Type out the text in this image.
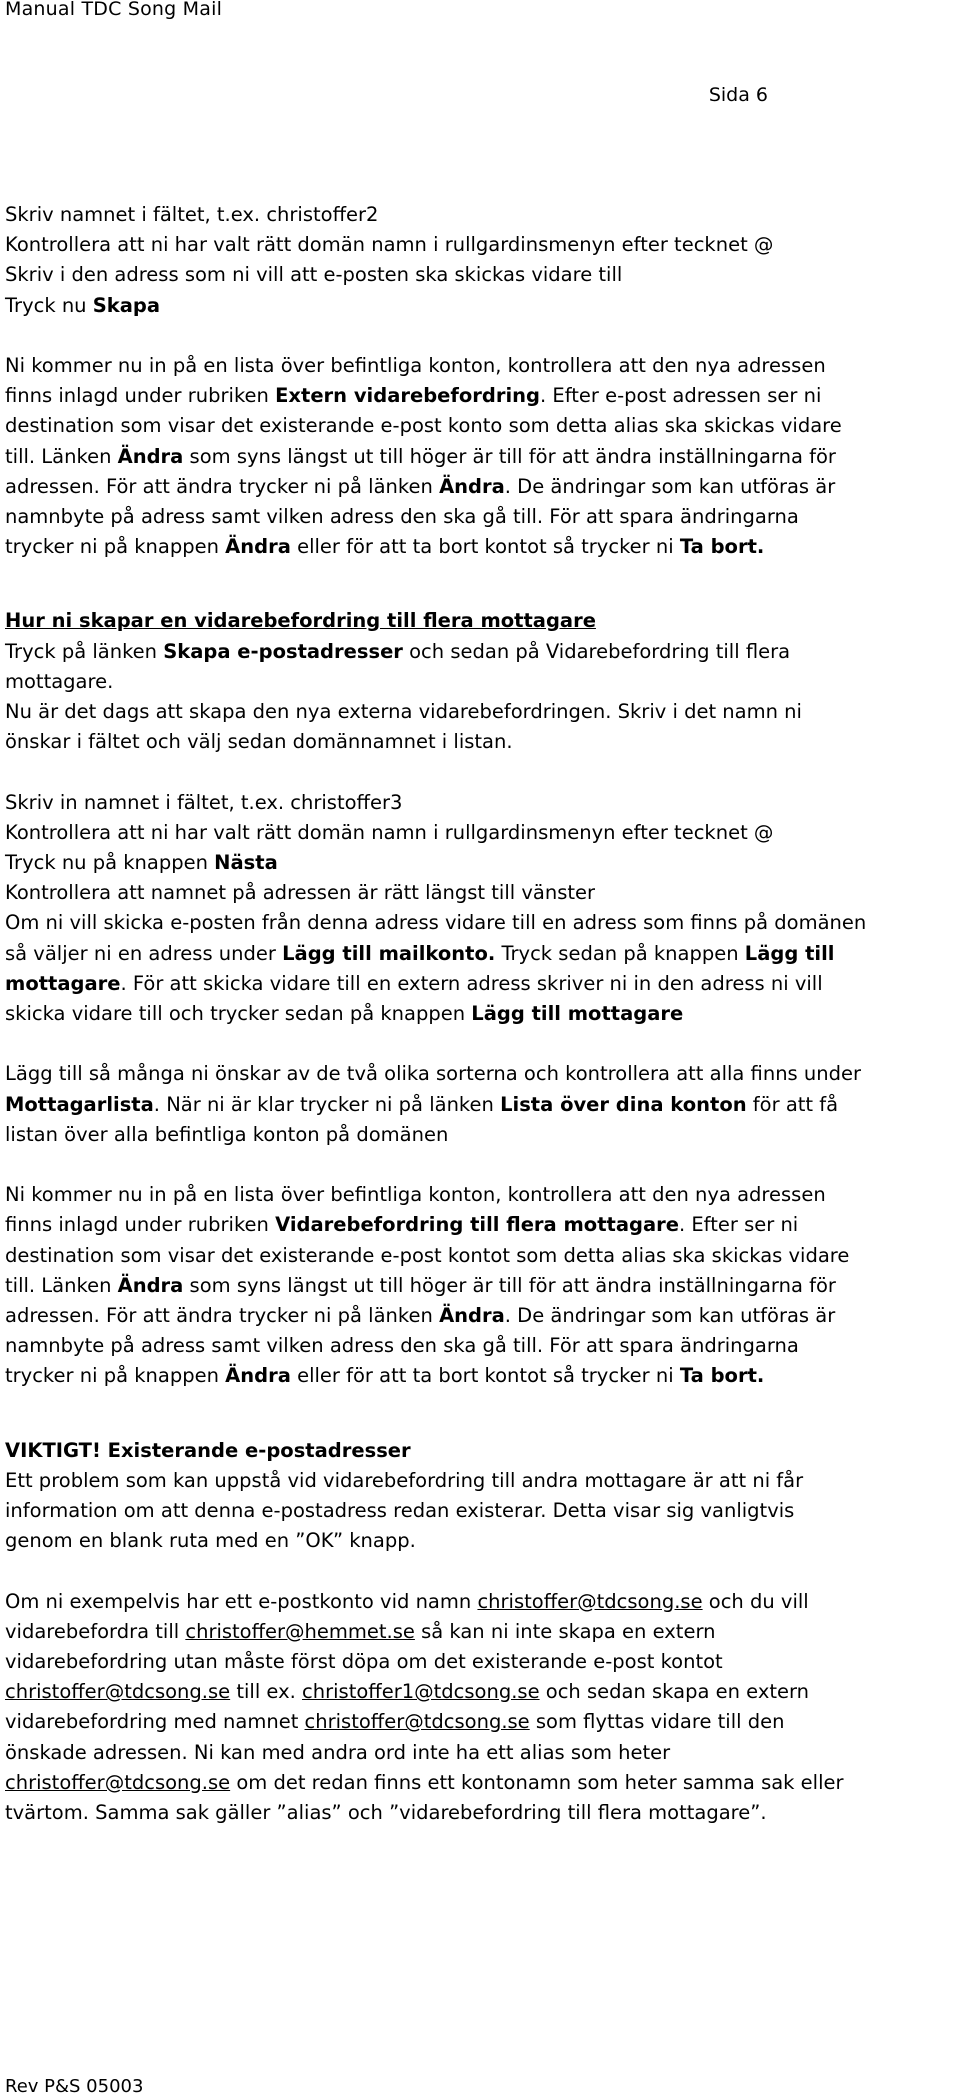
Manual TDC Song Mail
Sida 6
Skriv namnet i fältet, t.ex. christoffer2
Kontrollera att ni har valt rätt domän namn i rullgardinsmenyn efter tecknet @
Skriv i den adress som ni vill att e-posten ska skickas vidare till
Tryck nu Skapa
Ni kommer nu in på en lista över befintliga konton, kontrollera att den nya adressen
finns inlagd under rubriken Extern vidarebefordring. Efter e-post adressen ser ni
destination som visar det existerande e-post konto som detta alias ska skickas vidare
till. Länken Ändra som syns längst ut till höger är till för att ändra inställningarna för
adressen. För att ändra trycker ni på länken Ändra. De ändringar som kan utföras är
namnbyte på adress samt vilken adress den ska gå till. För att spara ändringarna
trycker ni på knappen Ändra eller för att ta bort kontot så trycker ni Ta bort.
Hur ni skapar en vidarebefordring till flera mottagare
Tryck på länken Skapa e-postadresser och sedan på Vidarebefordring till flera
mottagare.
Nu är det dags att skapa den nya externa vidarebefordringen. Skriv i det namn ni
önskar i fältet och välj sedan domännamnet i listan.
Skriv in namnet i fältet, t.ex. christoffer3
Kontrollera att ni har valt rätt domän namn i rullgardinsmenyn efter tecknet @
Tryck nu på knappen Nästa
Kontrollera att namnet på adressen är rätt längst till vänster
Om ni vill skicka e-posten från denna adress vidare till en adress som finns på domänen
så väljer ni en adress under Lägg till mailkonto. Tryck sedan på knappen Lägg till
mottagare. För att skicka vidare till en extern adress skriver ni in den adress ni vill
skicka vidare till och trycker sedan på knappen Lägg till mottagare
Lägg till så många ni önskar av de två olika sorterna och kontrollera att alla finns under
Mottagarlista. När ni är klar trycker ni på länken Lista över dina konton för att få
listan över alla befintliga konton på domänen
Ni kommer nu in på en lista över befintliga konton, kontrollera att den nya adressen
finns inlagd under rubriken Vidarebefordring till flera mottagare. Efter ser ni
destination som visar det existerande e-post kontot som detta alias ska skickas vidare
till. Länken Ändra som syns längst ut till höger är till för att ändra inställningarna för
adressen. För att ändra trycker ni på länken Ändra. De ändringar som kan utföras är
namnbyte på adress samt vilken adress den ska gå till. För att spara ändringarna
trycker ni på knappen Ändra eller för att ta bort kontot så trycker ni Ta bort.
VIKTIGT! Existerande e-postadresser
Ett problem som kan uppstå vid vidarebefordring till andra mottagare är att ni får
information om att denna e-postadress redan existerar. Detta visar sig vanligtvis
genom en blank ruta med en ”OK” knapp.
Om ni exempelvis har ett e-postkonto vid namn christoffer@tdcsong.se och du vill
vidarebefordra till christoffer@hemmet.se så kan ni inte skapa en extern
vidarebefordring utan måste först döpa om det existerande e-post kontot
christoffer@tdcsong.se till ex. christoffer1@tdcsong.se och sedan skapa en extern
vidarebefordring med namnet christoffer@tdcsong.se som flyttas vidare till den
önskade adressen. Ni kan med andra ord inte ha ett alias som heter
christoffer@tdcsong.se om det redan finns ett kontonamn som heter samma sak eller
tvärtom. Samma sak gäller ”alias” och ”vidarebefordring till flera mottagare”.
Rev P&S 05003
